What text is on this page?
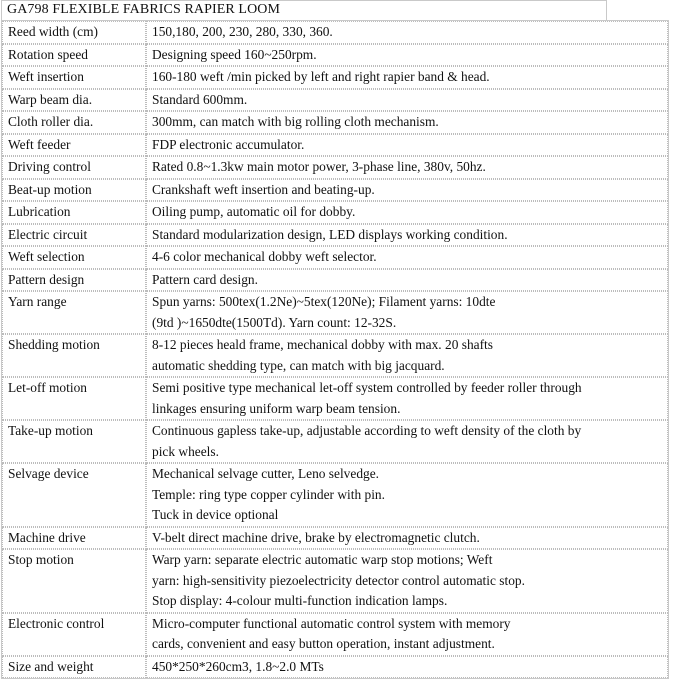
GA798 FLEXIBLE FABRICS RAPIER LOOM
Reed width (cm)	150,180, 200, 230, 280, 330, 360.

Rotation speed	Designing speed 160~250rpm.

Weft insertion	160-180 weft /min picked by left and right rapier band & head.

Warp beam dia.	Standard 600mm.

Cloth roller dia.	300mm, can match with big rolling cloth mechanism.

Weft feeder	FDP electronic accumulator.

Driving control	Rated 0.8~1.3kw main motor power, 3-phase line, 380v, 50hz.

Beat-up motion	Crankshaft weft insertion and beating-up.

Lubrication	Oiling pump, automatic oil for dobby.

Electric circuit	Standard modularization design, LED displays working condition.

Weft selection	4-6 color mechanical dobby weft selector.

Pattern design	Pattern card design.

Yarn range	Spun yarns: 500tex(1.2Ne)~5tex(120Ne); Filament yarns: 10dte
(9td )~1650dte(1500Td). Yarn count: 12-32S.

Shedding motion	8-12 pieces heald frame, mechanical dobby with max. 20 shafts
automatic shedding type, can match with big jacquard.

Let-off motion	Semi positive type mechanical let-off system controlled by feeder roller through
linkages ensuring uniform warp beam tension.

Take-up motion	Continuous gapless take-up, adjustable according to weft density of the cloth by
pick wheels.

Selvage device	Mechanical selvage cutter, Leno selvedge.
Temple: ring type copper cylinder with pin.
Tuck in device optional

Machine drive	V-belt direct machine drive, brake by electromagnetic clutch.

Stop motion	Warp yarn: separate electric automatic warp stop motions; Weft
yarn: high-sensitivity piezoelectricity detector control automatic stop.
Stop display: 4-colour multi-function indication lamps.

Electronic control	Micro-computer functional automatic control system with memory
cards, convenient and easy button operation, instant adjustment.

Size and weight	450*250*260cm3, 1.8~2.0 MTs
